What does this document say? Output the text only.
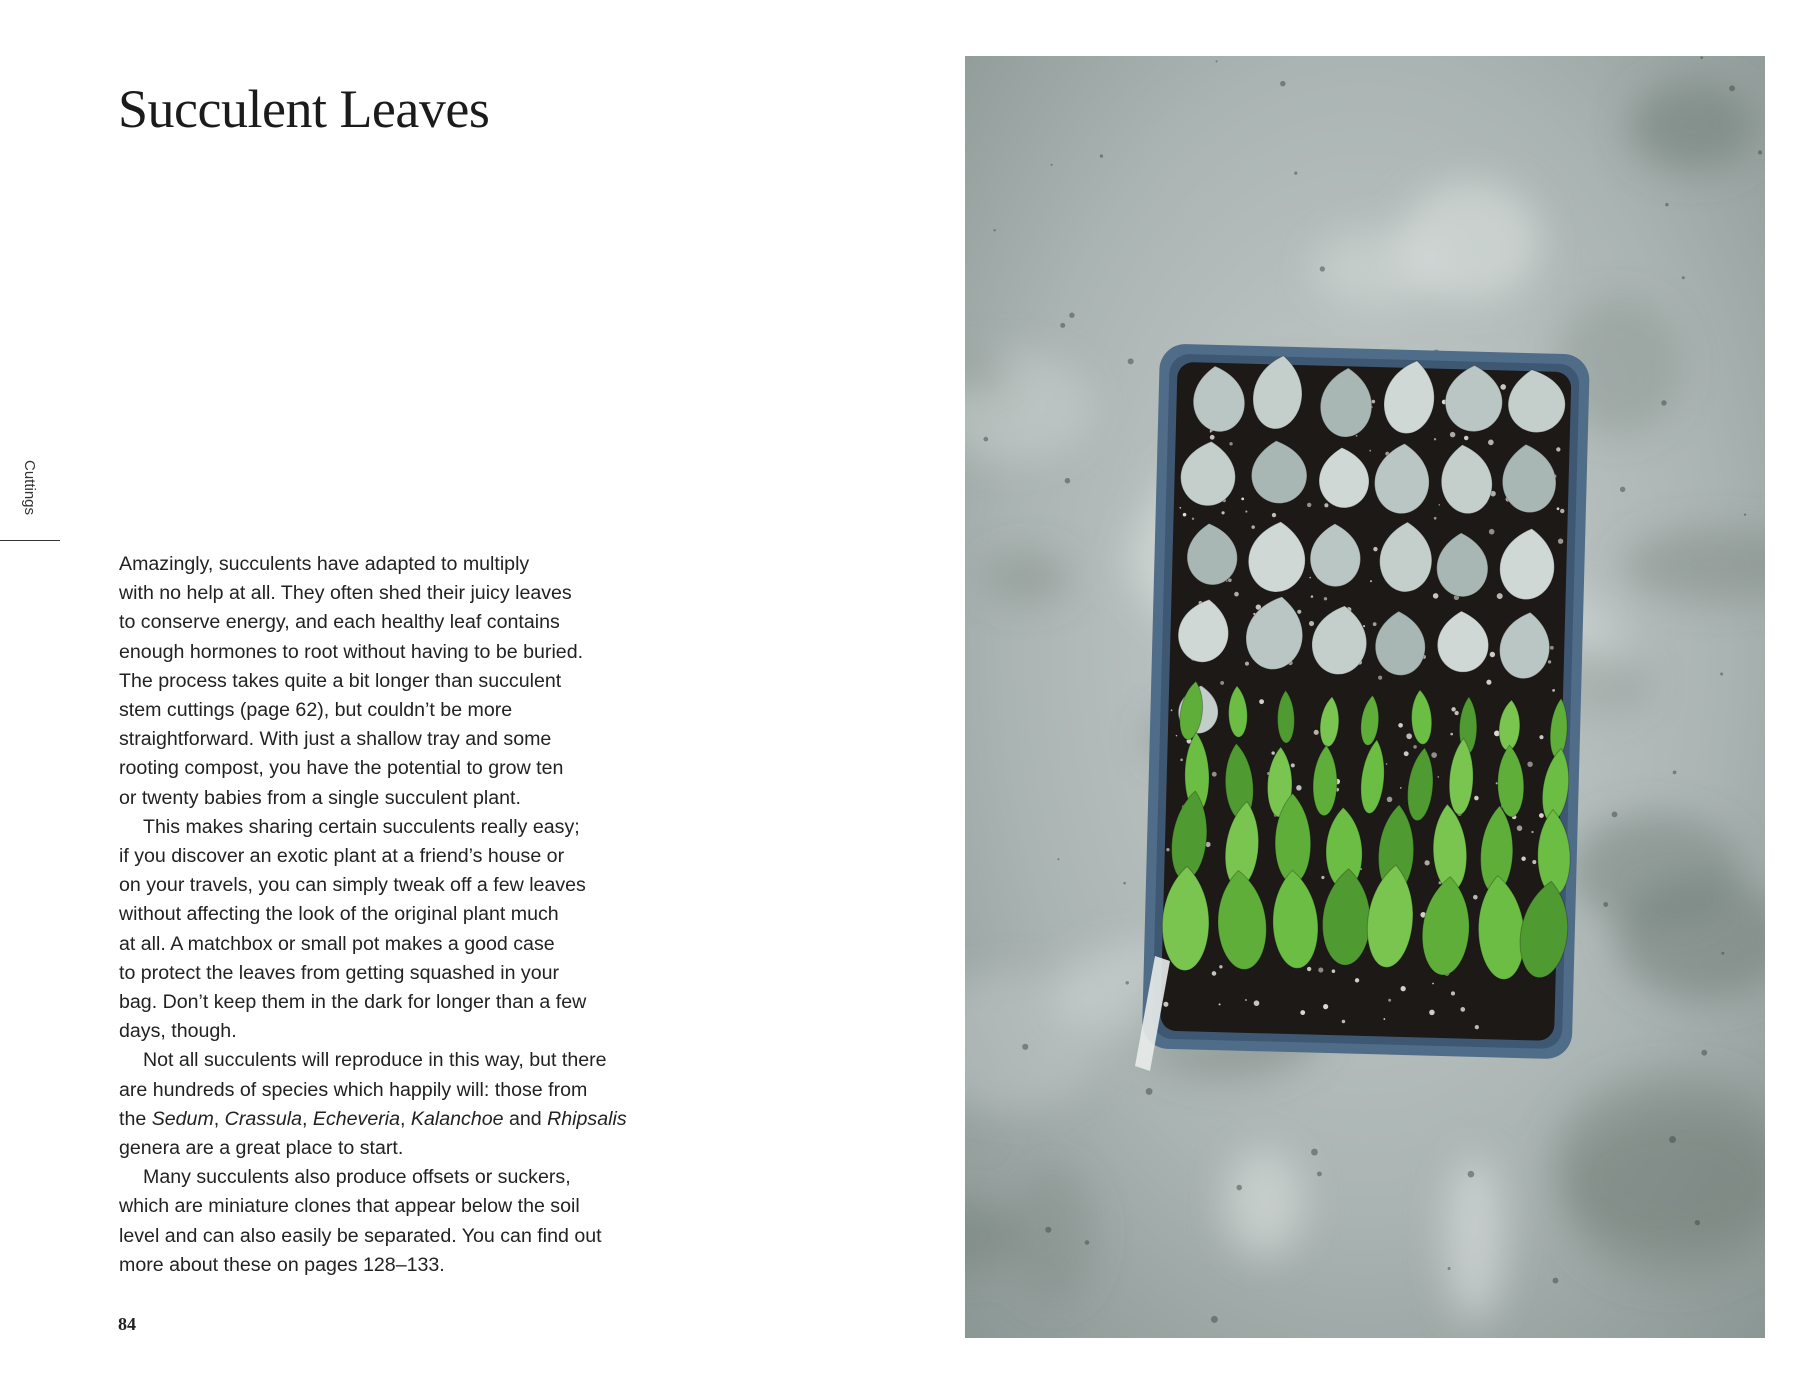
Succulent Leaves
Cuttings

Amazingly, succulents have adapted to multiply
with no help at all. They often shed their juicy leaves
to conserve energy, and each healthy leaf contains
enough hormones to root without having to be buried.
The process takes quite a bit longer than succulent
stem cuttings (page 62), but couldn’t be more
straightforward. With just a shallow tray and some
rooting compost, you have the potential to grow ten
or twenty babies from a single succulent plant.

This makes sharing certain succulents really easy;
if you discover an exotic plant at a friend’s house or
on your travels, you can simply tweak off a few leaves
without affecting the look of the original plant much
at all. A matchbox or small pot makes a good case
to protect the leaves from getting squashed in your
bag. Don’t keep them in the dark for longer than a few
days, though.

Not all succulents will reproduce in this way, but there
are hundreds of species which happily will: those from
the Sedum, Crassula, Echeveria, Kalanchoe and Rhipsalis
genera are a great place to start.

Many succulents also produce offsets or suckers,
which are miniature clones that appear below the soil
level and can also easily be separated. You can find out
more about these on pages 128–133.

84
